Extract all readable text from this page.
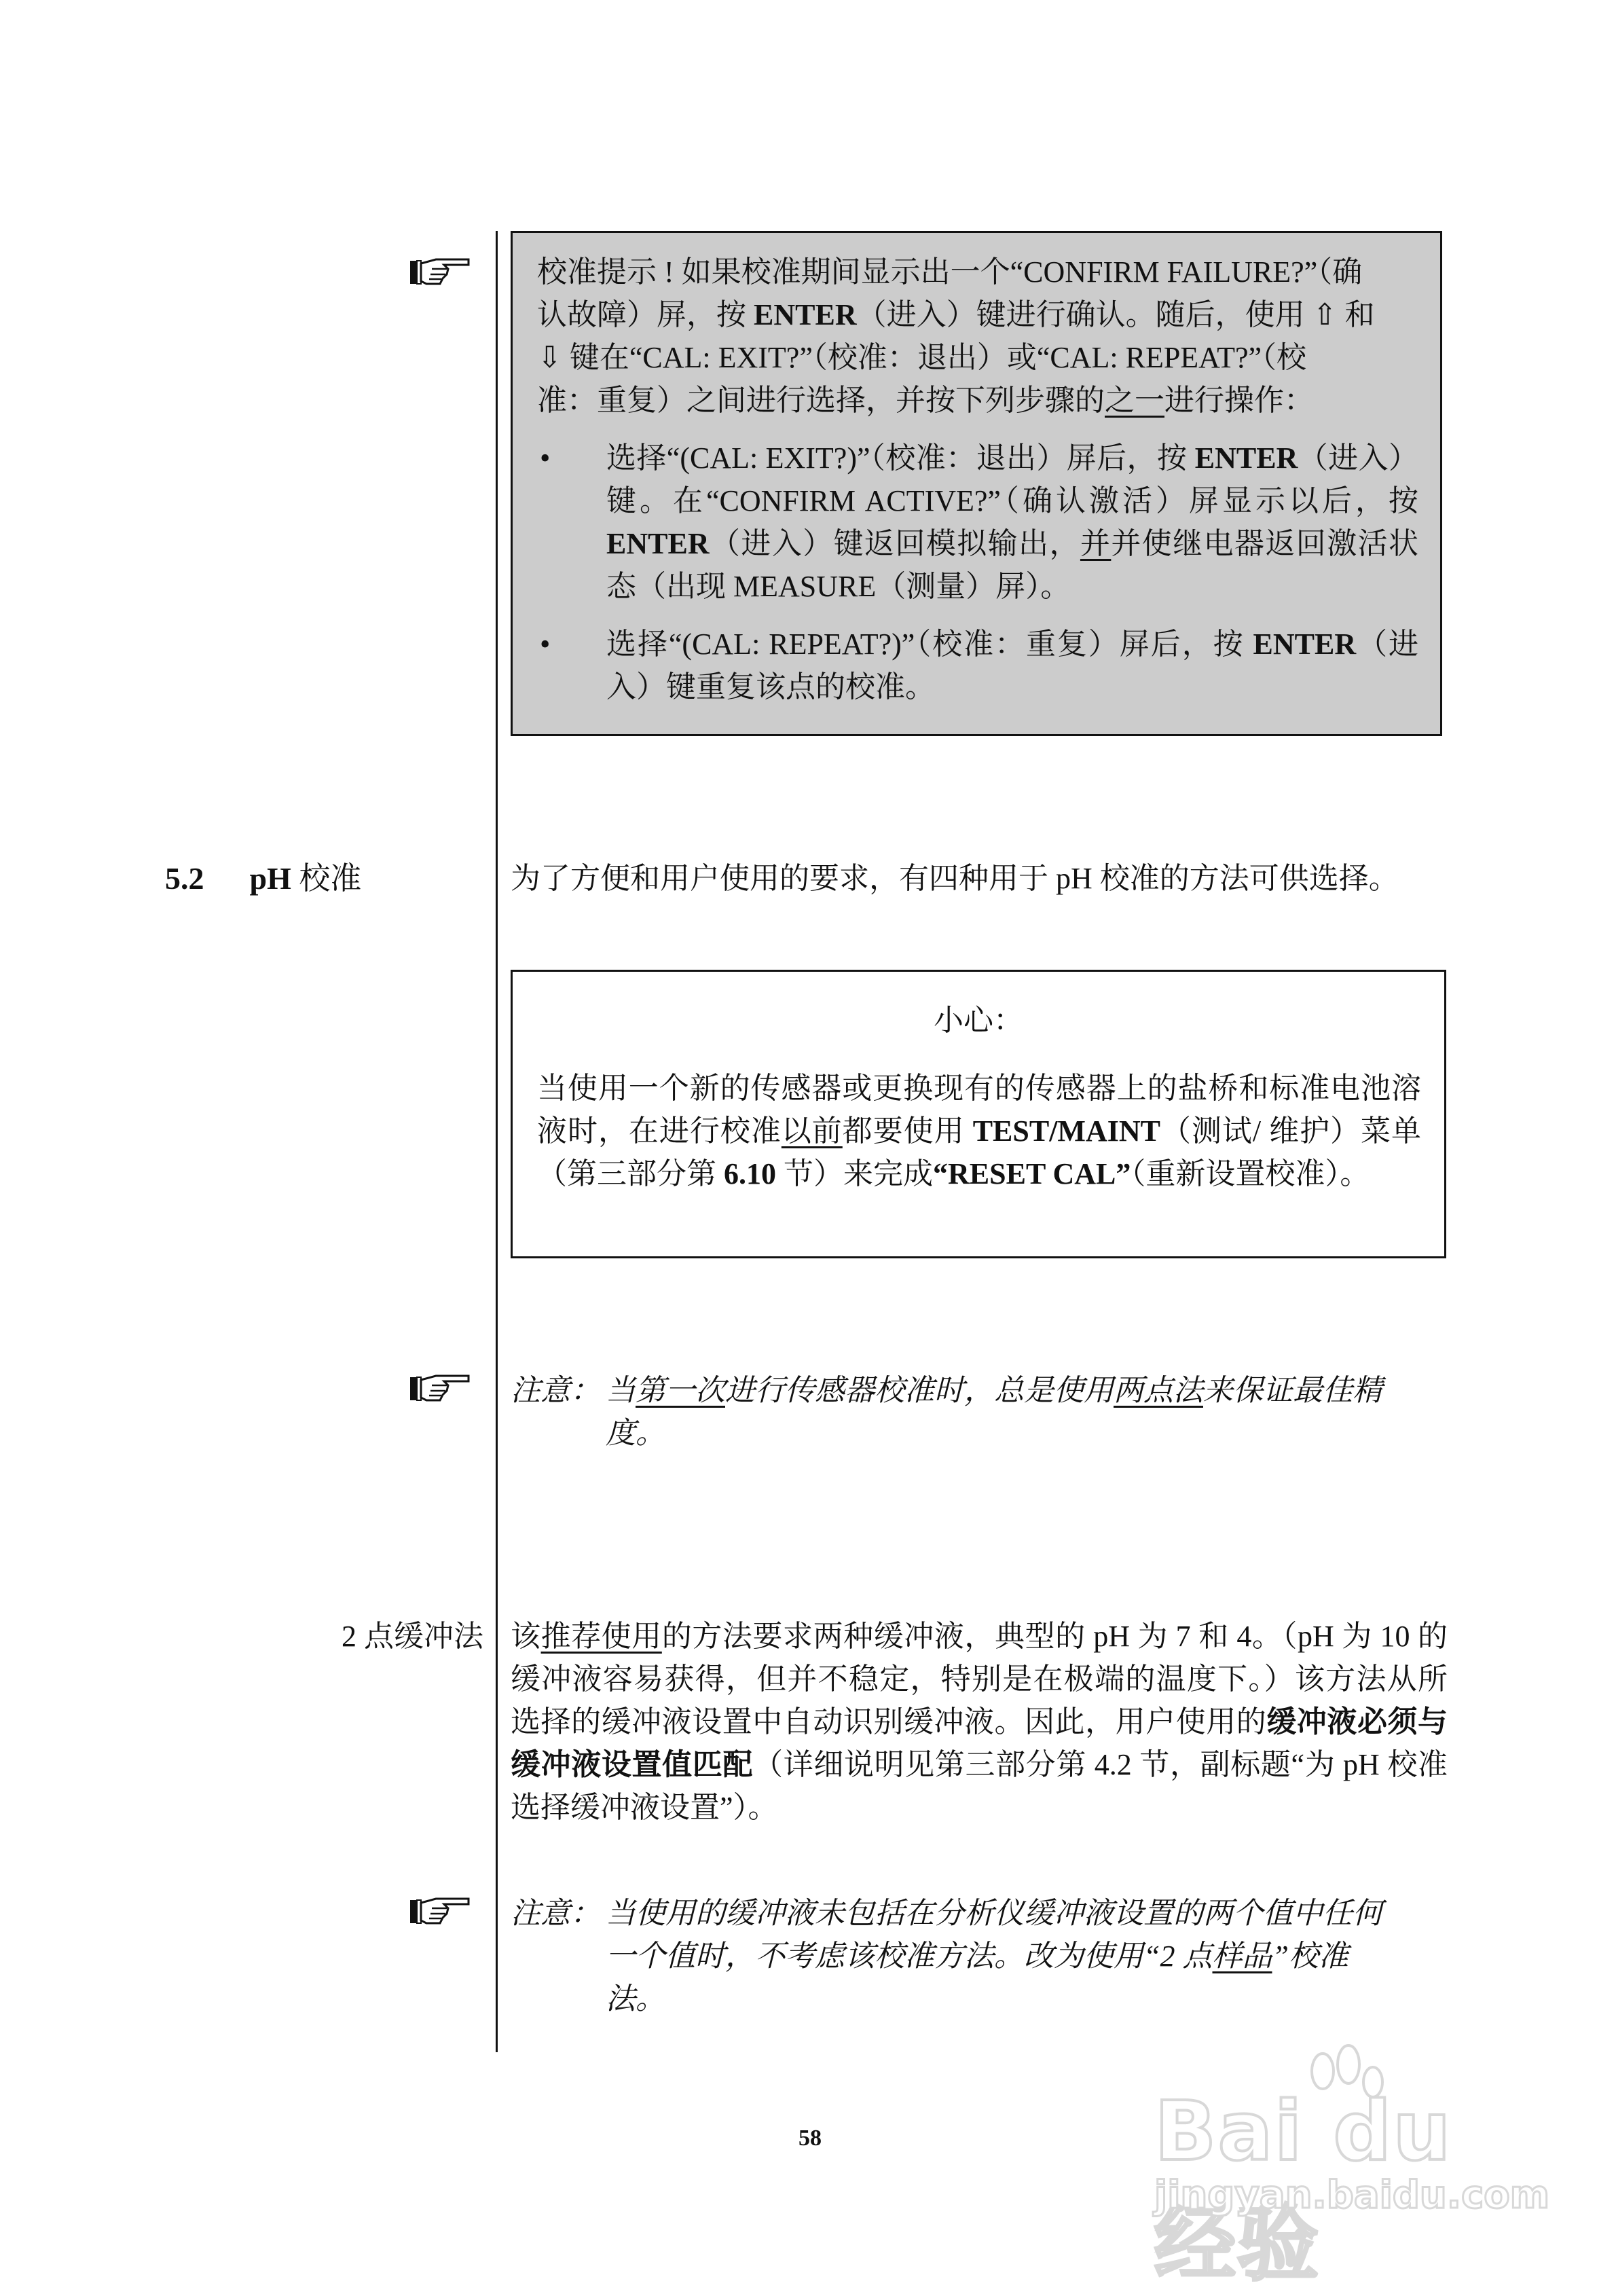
校准提示 ! 如果校准期间显示出一个“CONFIRM FAILURE?”（确
认故障）屏，按 ENTER（进入）键进行确认。随后，使用 ⇧ 和
⇩ 键在“CAL: EXIT?”（校准：退出）或“CAL: REPEAT?”（校
准：重复）之间进行选择，并按下列步骤的之一进行操作：
•	选择“(CAL: EXIT?)”（校准：退出）屏后，按 ENTER（进入）键。在“CONFIRM ACTIVE?”（确认激活）屏显示以后，按 ENTER（进入）键返回模拟输出，并并使继电器返回激活状态（出现 MEASURE（测量）屏）。
•	选择“(CAL: REPEAT?)”（校准：重复）屏后，按 ENTER（进入）键重复该点的校准。
5.2 pH 校准	为了方便和用户使用的要求，有四种用于 pH 校准的方法可供选择。
小心：
当使用一个新的传感器或更换现有的传感器上的盐桥和标准电池溶液时，在进行校准以前都要使用 TEST/MAINT（测试/ 维护）菜单（第三部分第 6.10 节）来完成“RESET CAL”（重新设置校准）。
注意： 当第一次进行传感器校准时，总是使用两点法来保证最佳精
度。
2 点缓冲法 该推荐使用的方法要求两种缓冲液，典型的 pH 为 7 和 4。（pH 为 10 的缓冲液容易获得，但并不稳定，特别是在极端的温度下。）该方法从所选择的缓冲液设置中自动识别缓冲液。因此，用户使用的缓冲液必须与缓冲液设置值匹配（详细说明见第三部分第 4.2 节，副标题“为 pH 校准选择缓冲液设置”）。
注意： 当使用的缓冲液未包括在分析仪缓冲液设置的两个值中任何
一个值时，不考虑该校准方法。改为使用“2 点样品”校准
法。
58	Bai du 经验
jingyan.baidu.com
